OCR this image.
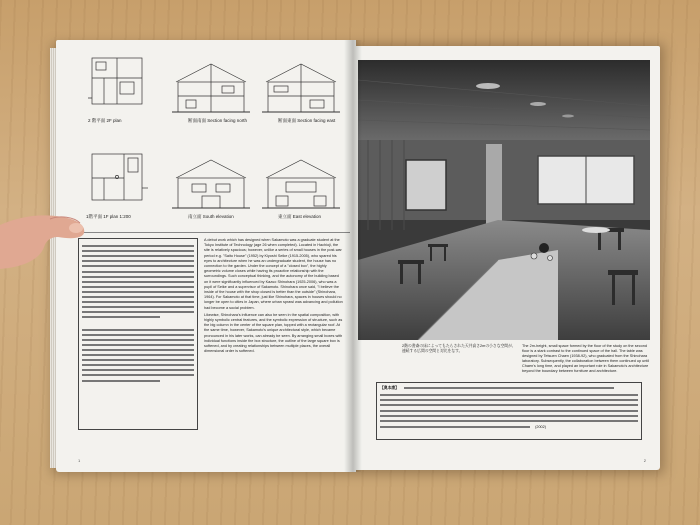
2 階平面 2F plan	断面南面 Section facing north	断面東面 Section facing east
1階平面 1F plan 1:200	南立面 South elevation	東立面 East elevation
A debut work which has designed when Sakamoto was a graduate student at the Tokyo Institute of Technology (age 26 when completed). Located in Hachioji, the site is relatively spacious; however, unlike a series of small houses in the post-war period e.g. "Saito House" (1952) by Kiyoshi Seike (1915-2005), who spared his eyes to architecture when he was an undergraduate student, the house has no connection to the garden. Under the concept of a "closed box", the highly geometric volume closes while having its proactive relationship with the surroundings. Such conceptual thinking, and the autonomy of the building based on it were significantly influenced by Kazuo Shinohara (1925-2006), who was a pupil of Seike and a supervisor of Sakamoto. Shinohara once said, "I believe the inside of the house with the shop closed is better than the outside" (Shinohara, 1964). For Sakamoto at that time, just like Shinohara, spaces in houses should no longer be open to cities in Japan, where urban sprawl was advancing and pollution had become a social problem.
Likewise, Shinohara's influence can also be seen in the spatial composition, with highly symbolic central features, and the symbolic expression of structure, such as the big column in the center of the square plan, topped with a rectangular roof. At the same time, however, Sakamoto's unique architectural style, which became pronounced in his later works, can already be seen. By arranging small boxes with individual functions inside the box structure, the outline of the large square box is softened, and by creating relationships between multiple places, the overall dimensional order is softened.
1
2階の書斎の床によってもたらされた天井高さ2mの小さな空間が、連続する広間の空間と対比をなす。
The 2m-height, small space formed by the floor of the study on the second floor is a stark contrast to the continued space of the hall. The table was designed by Tetsuen Chaen (1938-92), who graduated from the Shinohara laboratory. Subsequently, the collaboration between them continued up until Chaen's long time, and played an important role in Sakamoto's architecture beyond the boundary between furniture and architecture.
【奥本康】
(2002)
2
